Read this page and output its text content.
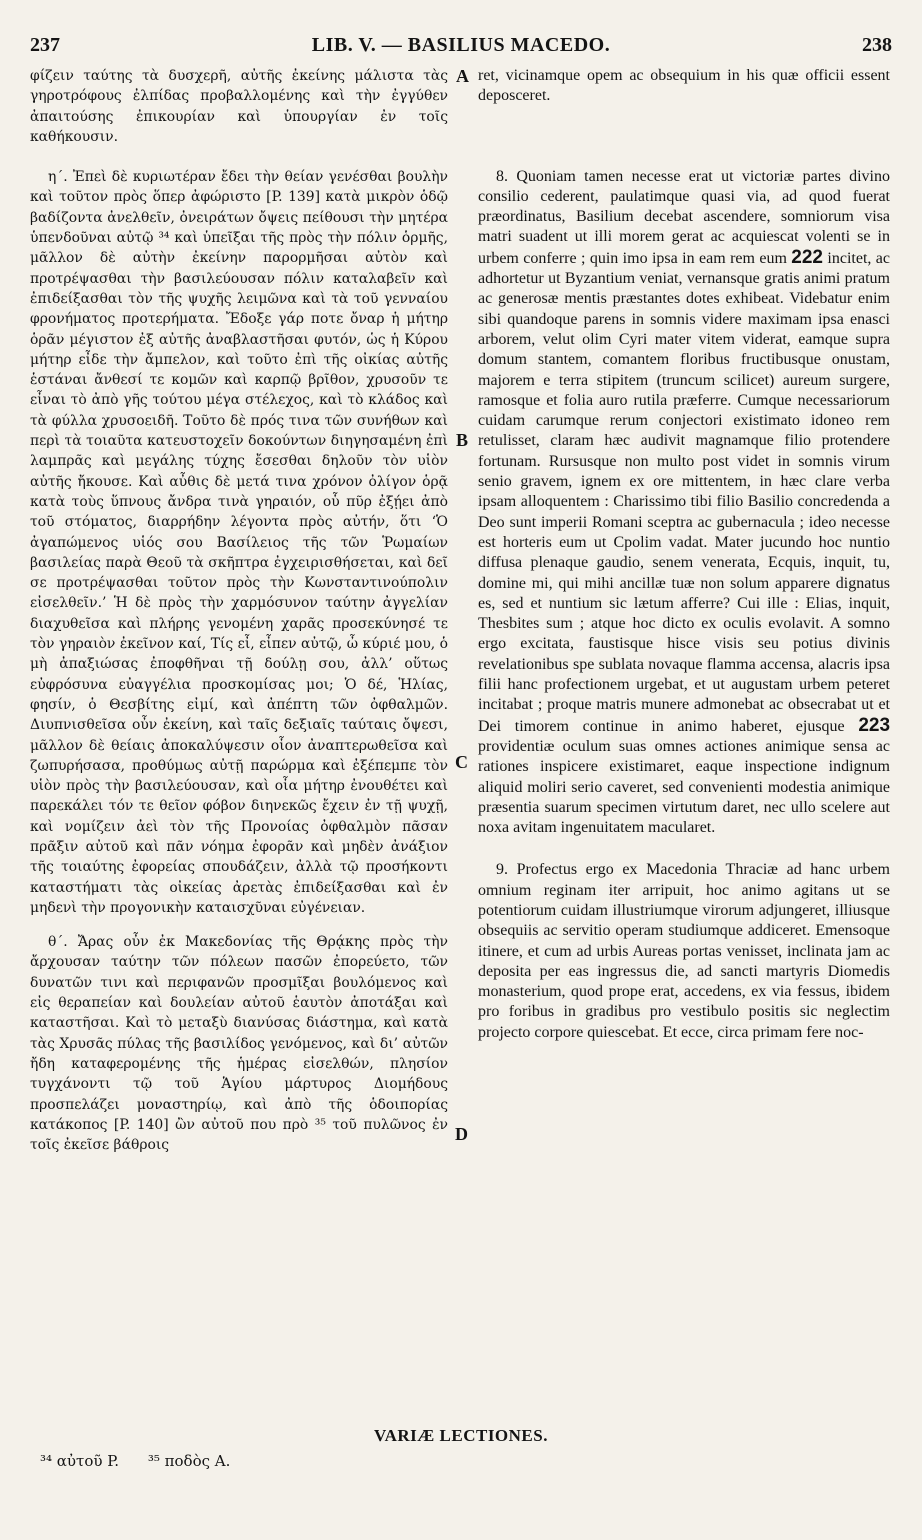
237	LIB. V. — BASILIUS MACEDO.	238

φίζειν ταύτης τὰ δυσχερῆ, αὐτῆς ἐκείνης μάλιστα τὰς γηροτρόφους ἐλπίδας προβαλλομένης καὶ τὴν ἐγγύθεν ἀπαιτούσης ἐπικουρίαν καὶ ὑπουργίαν ἐν τοῖς καθήκουσιν.

η΄. Ἐπεὶ δὲ κυριωτέραν ἔδει τὴν θείαν γενέσθαι βουλὴν καὶ τοῦτον πρὸς ὅπερ ἀφώριστο [P. 139] κατὰ μικρὸν ὁδῷ βαδίζοντα ἀνελθεῖν, ὀνειράτων ὄψεις πείθουσι τὴν μητέρα ὑπενδοῦναι αὐτῷ ³⁴ καὶ ὑπεῖξαι τῆς πρὸς τὴν πόλιν ὁρμῆς, μᾶλλον δὲ αὐτὴν ἐκείνην παρορμῆσαι αὐτὸν καὶ προτρέψασθαι τὴν βασιλεύουσαν πόλιν καταλαβεῖν καὶ ἐπιδείξασθαι τὸν τῆς ψυχῆς λειμῶνα καὶ τὰ τοῦ γενναίου φρονήματος προτερήματα. Ἔδοξε γάρ ποτε ὄναρ ἡ μήτηρ ὁρᾶν μέγιστον ἐξ αὐτῆς ἀναβλαστῆσαι φυτόν, ὡς ἡ Κύρου μήτηρ εἶδε τὴν ἄμπελον, καὶ τοῦτο ἐπὶ τῆς οἰκίας αὐτῆς ἑστάναι ἄνθεσί τε κομῶν καὶ καρπῷ βρῖθον, χρυσοῦν τε εἶναι τὸ ἀπὸ γῆς τούτου μέγα στέλεχος, καὶ τὸ κλάδος καὶ τὰ φύλλα χρυσοειδῆ. Τοῦτο δὲ πρός τινα τῶν συνήθων καὶ περὶ τὰ τοιαῦτα κατευστοχεῖν δοκούντων διηγησαμένη ἐπὶ λαμπρᾶς καὶ μεγάλης τύχης ἔσεσθαι δηλοῦν τὸν υἱὸν αὐτῆς ἤκουσε. Καὶ αὖθις δὲ μετά τινα χρόνον ὀλίγον ὁρᾷ κατὰ τοὺς ὕπνους ἄνδρα τινὰ γηραιόν, οὗ πῦρ ἐξῄει ἀπὸ τοῦ στόματος, διαρρήδην λέγοντα πρὸς αὐτήν, ὅτι ‘Ὁ ἀγαπώμενος υἱός σου Βασίλειος τῆς τῶν Ῥωμαίων βασιλείας παρὰ Θεοῦ τὰ σκῆπτρα ἐγχειρισθήσεται, καὶ δεῖ σε προτρέψασθαι τοῦτον πρὸς τὴν Κωνσταντινούπολιν εἰσελθεῖν.’ Ἡ δὲ πρὸς τὴν χαρμόσυνον ταύτην ἀγγελίαν διαχυθεῖσα καὶ πλήρης γενομένη χαρᾶς προσεκύνησέ τε τὸν γηραιὸν ἐκεῖνον καί, Τίς εἶ, εἶπεν αὐτῷ, ὦ κύριέ μου, ὁ μὴ ἀπαξιώσας ἐποφθῆναι τῇ δούλῃ σου, ἀλλ’ οὕτως εὐφρόσυνα εὐαγγέλια προσκομίσας μοι; Ὁ δέ, Ἡλίας, φησίν, ὁ Θεσβίτης εἰμί, καὶ ἀπέπτη τῶν ὀφθαλμῶν. Διυπνισθεῖσα οὖν ἐκείνη, καὶ ταῖς δεξιαῖς ταύταις ὄψεσι, μᾶλλον δὲ θείαις ἀποκαλύψεσιν οἷον ἀναπτερωθεῖσα καὶ ζωπυρήσασα, προθύμως αὐτῇ παρώρμα καὶ ἐξέπεμπε τὸν υἱὸν πρὸς τὴν βασιλεύουσαν, καὶ οἷα μήτηρ ἐνουθέτει καὶ παρεκάλει τόν τε θεῖον φόβον διηνεκῶς ἔχειν ἐν τῇ ψυχῇ, καὶ νομίζειν ἀεὶ τὸν τῆς Προνοίας ὀφθαλμὸν πᾶσαν πρᾶξιν αὐτοῦ καὶ πᾶν νόημα ἐφορᾶν καὶ μηδὲν ἀνάξιον τῆς τοιαύτης ἐφορείας σπουδάζειν, ἀλλὰ τῷ προσήκοντι καταστήματι τὰς οἰκείας ἀρετὰς ἐπιδείξασθαι καὶ ἐν μηδενὶ τὴν προγονικὴν καταισχῦναι εὐγένειαν.

θ΄. Ἄρας οὖν ἐκ Μακεδονίας τῆς Θρᾴκης πρὸς τὴν ἄρχουσαν ταύτην τῶν πόλεων πασῶν ἐπορεύετο, τῶν δυνατῶν τινι καὶ περιφανῶν προσμῖξαι βουλόμενος καὶ εἰς θεραπείαν καὶ δουλείαν αὐτοῦ ἑαυτὸν ἀποτάξαι καὶ καταστῆσαι. Καὶ τὸ μεταξὺ διανύσας διάστημα, καὶ κατὰ τὰς Χρυσᾶς πύλας τῆς βασιλίδος γενόμενος, καὶ δι’ αὐτῶν ἤδη καταφερομένης τῆς ἡμέρας εἰσελθών, πλησίον τυγχάνοντι τῷ τοῦ Ἁγίου μάρτυρος Διομήδους προσπελάζει μοναστηρίῳ, καὶ ἀπὸ τῆς ὁδοιπορίας κατάκοπος [P. 140] ὢν αὐτοῦ που πρὸ ³⁵ τοῦ πυλῶνος ἐν τοῖς ἐκεῖσε βάθροις

A
B
C
D

ret, vicinamque opem ac obsequium in his quæ officii essent deposceret.

8. Quoniam tamen necesse erat ut victoriæ partes divino consilio cederent, paulatimque quasi via, ad quod fuerat præordinatus, Basilium decebat ascendere, somniorum visa matri suadent ut illi morem gerat ac acquiescat volenti se in urbem conferre ; quin imo ipsa in eam rem eum 222 incitet, ac adhortetur ut Byzantium veniat, vernansque gratis animi pratum ac generosæ mentis præstantes dotes exhibeat. Videbatur enim sibi quandoque parens in somnis videre maximam ipsa enasci arborem, velut olim Cyri mater vitem viderat, eamque supra domum stantem, comantem floribus fructibusque onustam, majorem e terra stipitem (truncum scilicet) aureum surgere, ramosque et folia auro rutila præferre. Cumque necessariorum cuidam carumque rerum conjectori existimato idoneo rem retulisset, claram hæc audivit magnamque filio protendere fortunam. Rursusque non multo post videt in somnis virum senio gravem, ignem ex ore mittentem, in hæc clare verba ipsam alloquentem : Charissimo tibi filio Basilio concredenda a Deo sunt imperii Romani sceptra ac gubernacula ; ideo necesse est horteris eum ut Cpolim vadat. Mater jucundo hoc nuntio diffusa plenaque gaudio, senem venerata, Ecquis, inquit, tu, domine mi, qui mihi ancillæ tuæ non solum apparere dignatus es, sed et nuntium sic lætum afferre? Cui ille : Elias, inquit, Thesbites sum ; atque hoc dicto ex oculis evolavit. A somno ergo excitata, faustisque hisce visis seu potius divinis revelationibus spe sublata novaque flamma accensa, alacris ipsa filii hanc profectionem urgebat, et ut augustam urbem peteret incitabat ; proque matris munere admonebat ac obsecrabat ut et Dei timorem continue in animo haberet, ejusque 223 providentiæ oculum suas omnes actiones animique sensa ac rationes inspicere existimaret, eaque inspectione indignum aliquid moliri serio caveret, sed convenienti modestia animique præsentia suarum specimen virtutum daret, nec ullo scelere aut noxa avitam ingenuitatem macularet.

9. Profectus ergo ex Macedonia Thraciæ ad hanc urbem omnium reginam iter arripuit, hoc animo agitans ut se potentiorum cuidam illustriumque virorum adjungeret, illiusque obsequiis ac servitio operam studiumque addiceret. Emensoque itinere, et cum ad urbis Aureas portas venisset, inclinata jam ac deposita per eas ingressus die, ad sancti martyris Diomedis monasterium, quod prope erat, accedens, ex via fessus, ibidem pro foribus in gradibus pro vestibulo positis sic neglectim projecto corpore quiescebat. Et ecce, circa primam fere noc-

VARIÆ LECTIONES.
³⁴ αὐτοῦ P. ³⁵ ποδὸς A.
